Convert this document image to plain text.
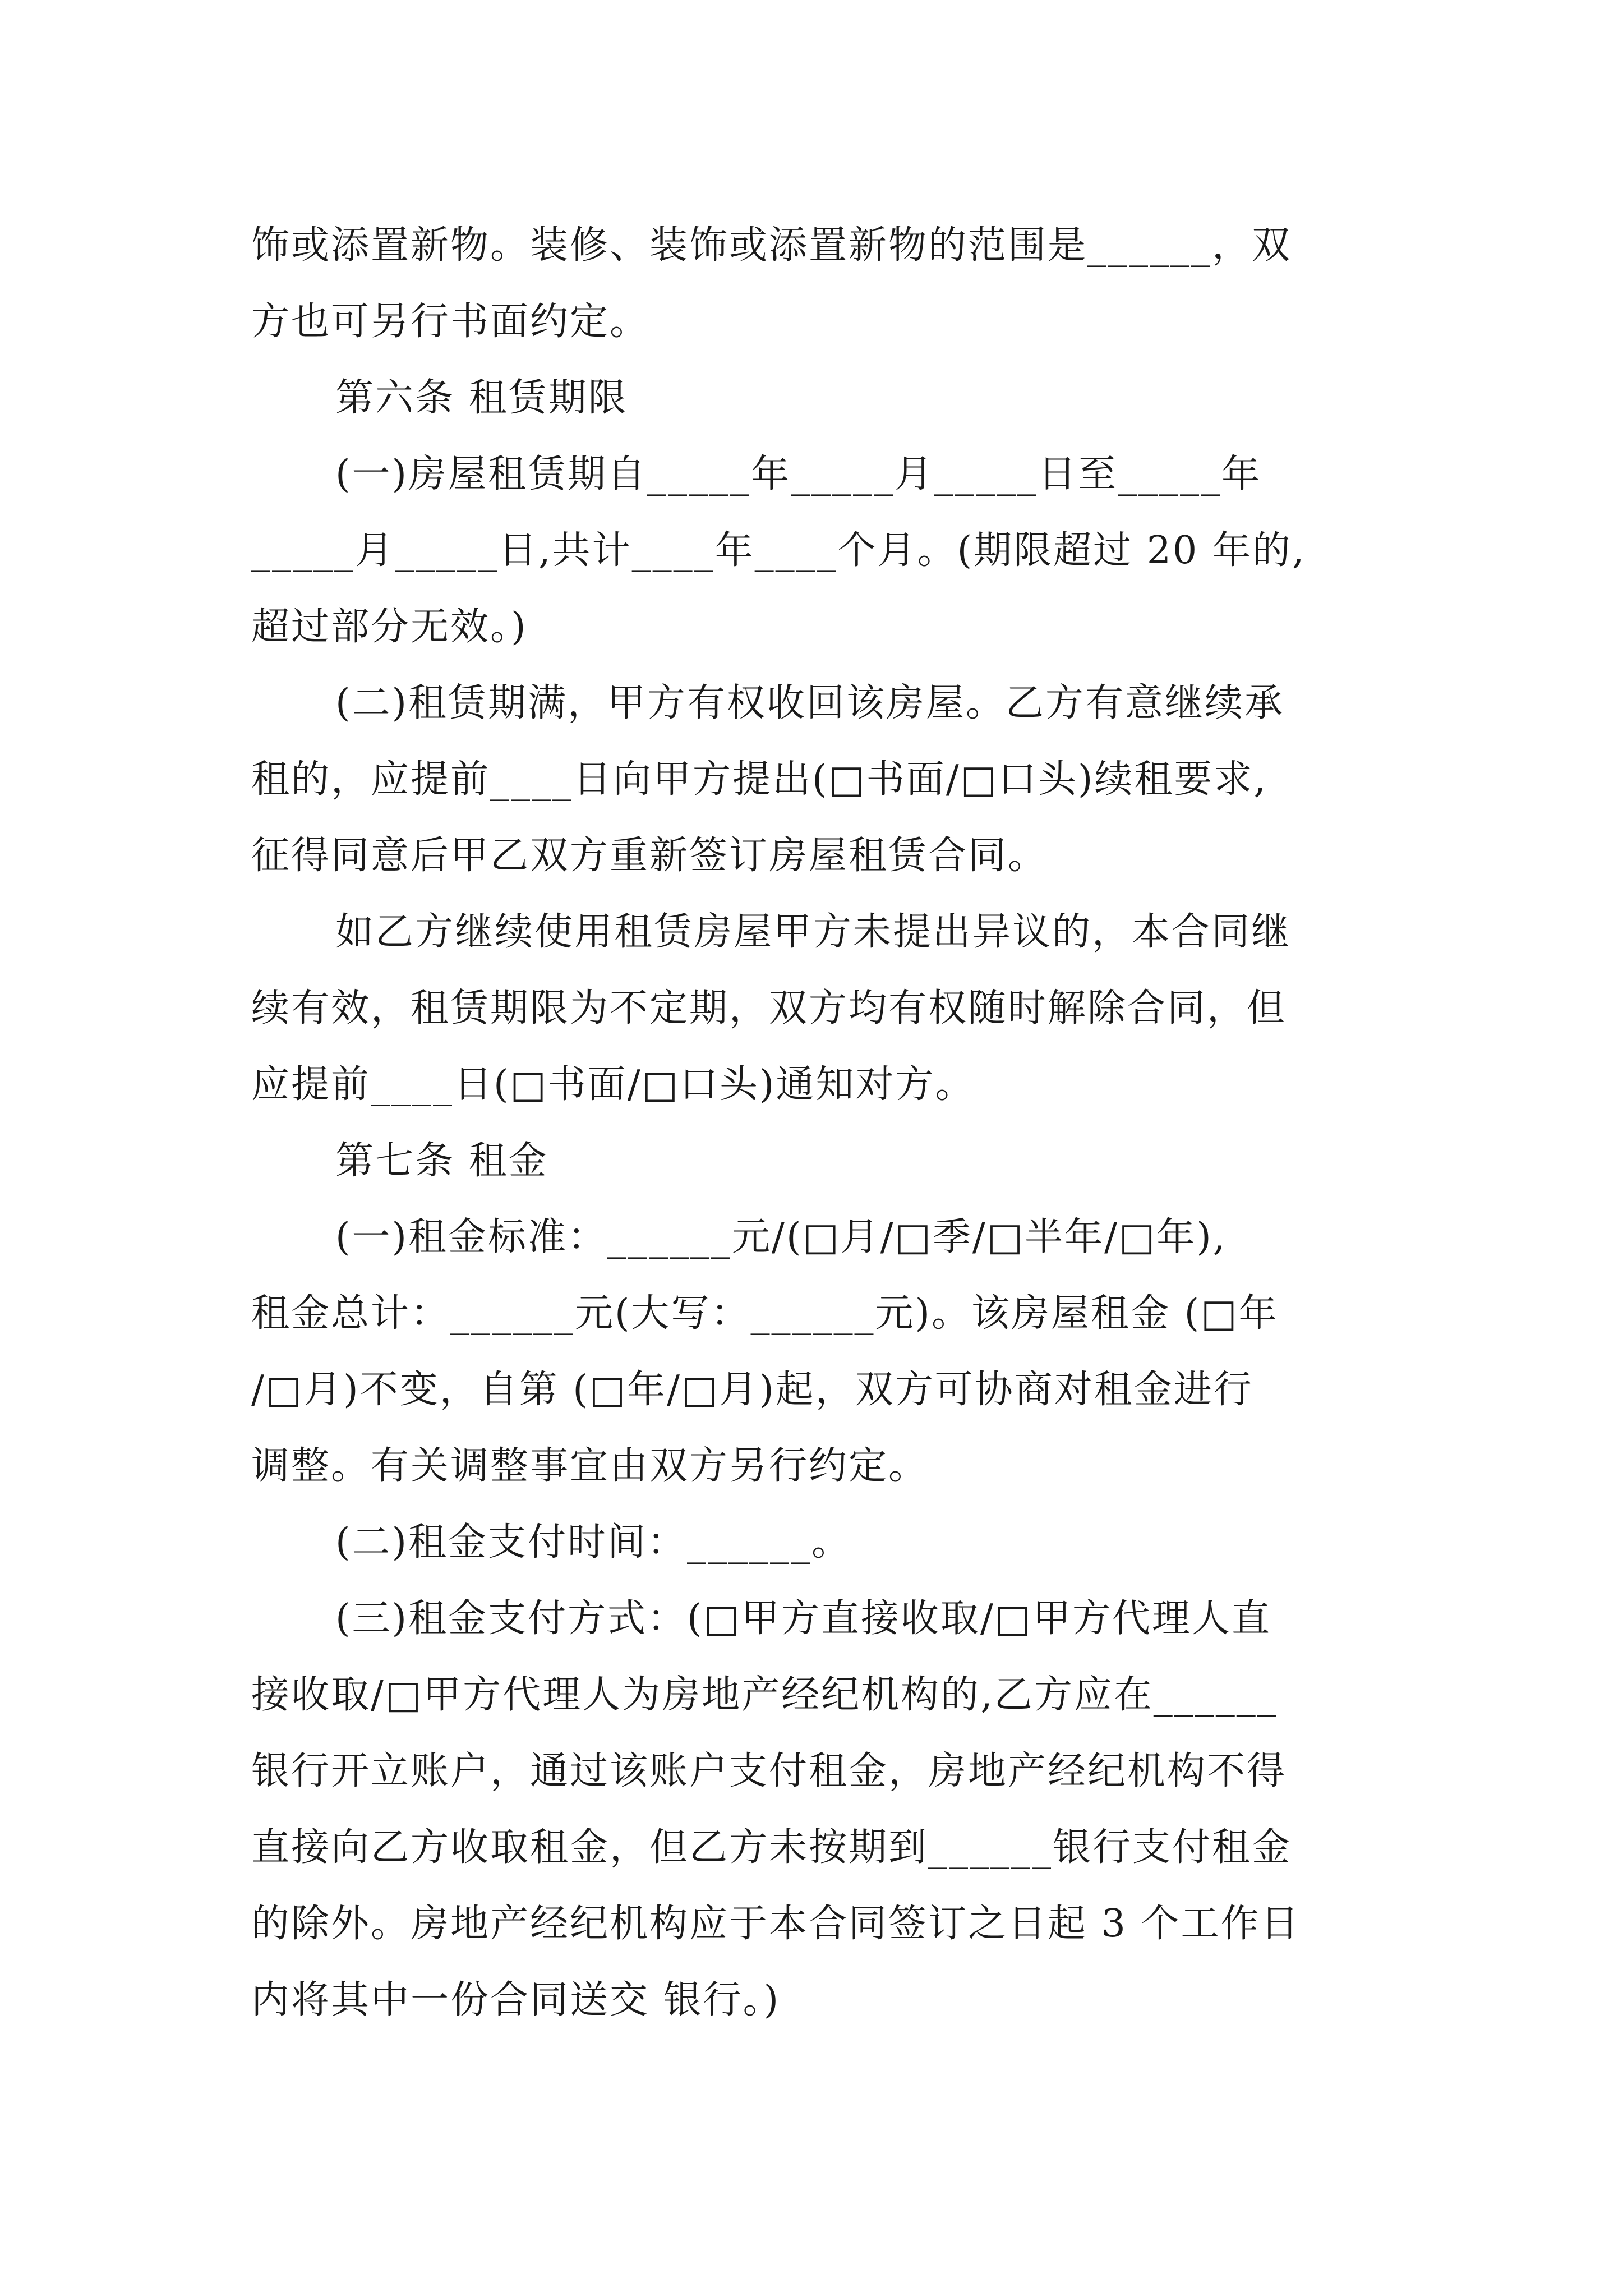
饰或添置新物。装修、装饰或添置新物的范围是______，双
方也可另行书面约定。
第六条 租赁期限
(一)房屋租赁期自_____年_____月_____日至_____年
_____月_____日,共计____年____个月。(期限超过 20 年的,
超过部分无效。)
(二)租赁期满，甲方有权收回该房屋。乙方有意继续承
租的，应提前____日向甲方提出(□书面/□口头)续租要求,
征得同意后甲乙双方重新签订房屋租赁合同。
如乙方继续使用租赁房屋甲方未提出异议的，本合同继
续有效，租赁期限为不定期，双方均有权随时解除合同，但
应提前____日(□书面/□口头)通知对方。
第七条 租金
(一)租金标准：______元/(□月/□季/□半年/□年),
租金总计：______元(大写：______元)。该房屋租金 (□年
/□月)不变，自第 (□年/□月)起，双方可协商对租金进行
调整。有关调整事宜由双方另行约定。
(二)租金支付时间：______。
(三)租金支付方式：(□甲方直接收取/□甲方代理人直
接收取/□甲方代理人为房地产经纪机构的,乙方应在______
银行开立账户，通过该账户支付租金，房地产经纪机构不得
直接向乙方收取租金，但乙方未按期到______银行支付租金
的除外。房地产经纪机构应于本合同签订之日起 3 个工作日
内将其中一份合同送交 银行。)
